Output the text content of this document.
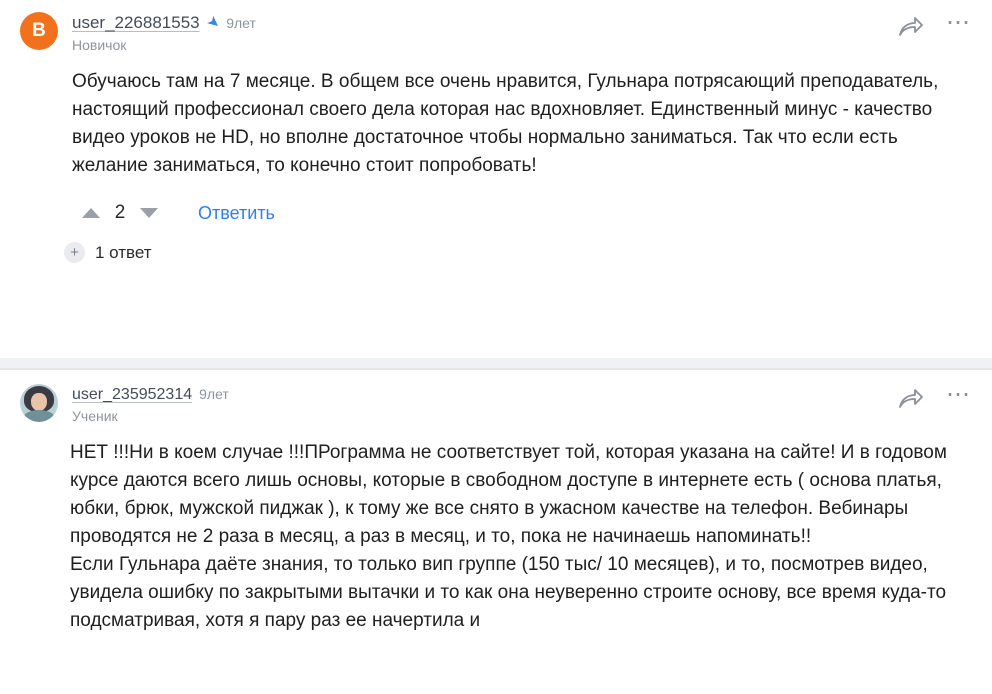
B user_226881553 ➤ 9лет
Новичок
⋯

Обучаюсь там на 7 месяце. В общем все очень нравится, Гульнара потрясающий преподаватель, настоящий профессионал своего дела которая нас вдохновляет. Единственный минус - качество видео уроков не HD, но вполне достаточное чтобы нормально заниматься. Так что если есть желание заниматься, то конечно стоит попробовать!

2	Ответить
+ 1 ответ
user_235952314 9лет
Ученик
⋯

НЕТ !!!Ни в коем случае !!!ПРограмма не соответствует той, которая указана на сайте! И в годовом курсе даются всего лишь основы, которые в свободном доступе в интернете есть ( основа платья, юбки, брюк, мужской пиджак ), к тому же все снято в ужасном качестве на телефон. Вебинары проводятся не 2 раза в месяц, а раз в месяц, и то, пока не начинаешь напоминать!!

Если Гульнара даёте знания, то только вип группе (150 тыс/ 10 месяцев), и то, посмотрев видео, увидела ошибку по закрытыми вытачки и то как она неуверенно строите основу, все время куда-то подсматривая, хотя я пару раз ее начертила и
